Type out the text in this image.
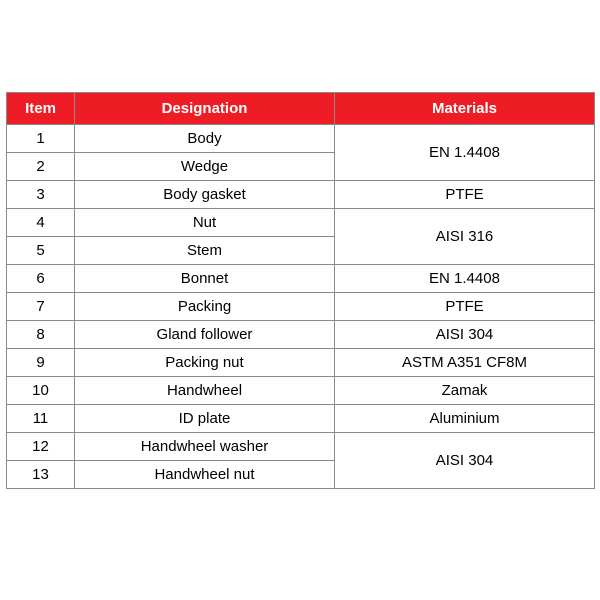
Item	Designation	Materials
1	Body	EN 1.4408
2	Wedge	
3	Body gasket	PTFE
4	Nut	AISI 316
5	Stem	
6	Bonnet	EN 1.4408
7	Packing	PTFE
8	Gland follower	AISI 304
9	Packing nut	ASTM A351 CF8M
10	Handwheel	Zamak
11	ID plate	Aluminium
12	Handwheel washer	AISI 304
13	Handwheel nut	
